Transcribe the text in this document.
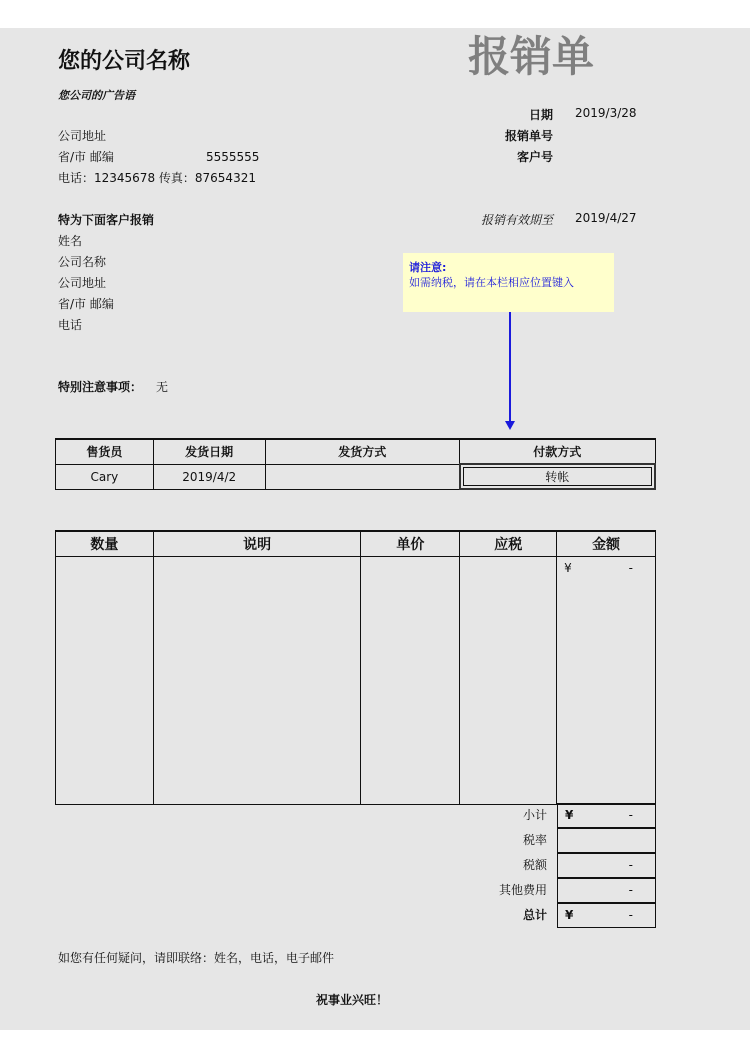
您的公司名称	报销单
您公司的广告语
公司地址
省/市 邮编	5555555
电话：12345678 传真：87654321
日期 2019/3/28
报销单号
客户号
报销有效期至 2019/4/27
特为下面客户报销
姓名
公司名称
公司地址
省/市 邮编
电话
请注意:
如需纳税，请在本栏相应位置键入
特别注意事项： 无
售货员	发货日期	发货方式	付款方式
Cary	2019/4/2		转帐
数量	说明	单价	应税	金额

				¥ -
小计 ¥	-
税率
税额	-
其他费用	-
总计 ¥	-
如您有任何疑问，请即联络：姓名，电话，电子邮件
祝事业兴旺！
